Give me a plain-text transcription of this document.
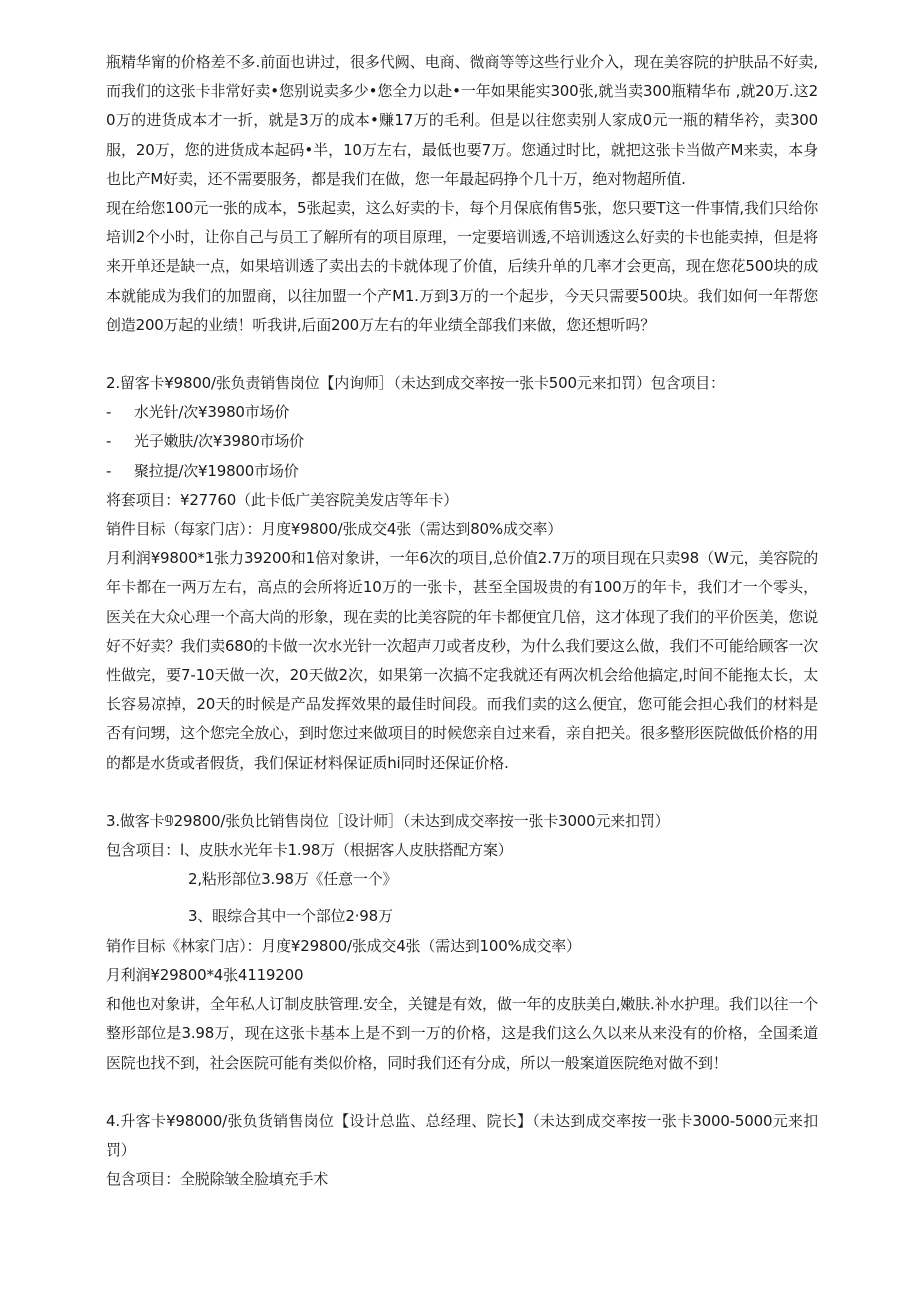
瓶精华甯的价格差不多.前面也讲过，很多代阙、电商、微商等等这些行业介入，现在美容院的护肤品不好卖,而我们的这张卡非常好卖•您别说卖多少•您全力以赴•一年如果能实300张,就当卖300瓶精华布 ,就20万.这20万的进货成本才一折，就是3万的成本•赚17万的毛利。但是以往您卖别人家成0元一瓶的精华衿，卖300服，20万，您的进货成本起码•半，10万左右，最低也要7万。您通过时比，就把这张卡当做产M来卖，本身也比产M好卖，还不需要服务，都是我们在做，您一年最起码挣个几十万，绝对物超所值.

现在给您100元一张的成本，5张起卖，这么好卖的卡，每个月保底侑售5张，您只要T这一件事情,我们只给你培训2个小时，让你自己与员工了解所有的项目原理，一定要培训透,不培训透这么好卖的卡也能卖掉，但是将来开单还是缺一点，如果培训透了卖出去的卡就体现了价值，后续升单的几率才会更高，现在您花500块的成本就能成为我们的加盟商，以往加盟一个产M1.万到3万的一个起步，今天只需要500块。我们如何一年帮您创造200万起的业绩！听我讲,后面200万左右的年业绩全部我们来做，您还想听吗？

2.留客卡¥9800/张负责销售岗位【内询师］（未达到成交率按一张卡500元来扣罚）包含项目：

- 水光针/次¥3980市场价

- 光子嫩肤/次¥3980市场价

- 聚拉提/次¥19800市场价

将套项目：¥27760（此卡低广美容院美发店等年卡）

销件目标（每家门店）：月度¥9800/张成交4张（需达到80%成交率）

月利润¥9800*1张力39200和1倍对象讲，一年6次的项目,总价值2.7万的项目现在只卖98（W元，美容院的年卡都在一两万左右，高点的会所将近10万的一张卡，甚至全国圾贵的有100万的年卡，我们才一个零头，医关在大众心理一个高大尚的形象，现在卖的比美容院的年卡都便宜几倍，这才体现了我们的平价医美，您说好不好卖？我们卖680的卡做一次水光针一次超声刀或者皮秒，为什么我们要这么做，我们不可能给顾客一次性做完，要7-10天做一次，20天做2次，如果第一次搞不定我就还有两次机会给他搞定,时间不能拖太长，太长容易凉掉，20天的时候是产品发挥效果的最佳时间段。而我们卖的这么便宜，您可能会担心我们的材料是否有问甥，这个您完全放心，到时您过来做项目的时候您亲自过来看，亲自把关。很多整形医院做低价格的用的都是水货或者假货，我们保证材料保证质hi同时还保证价格.

3.做客卡𝟡29800/张负比销售岗位［设计师］（未达到成交率按一张卡3000元来扣罚）

包含项目：l、皮肤水光年卡1.98万（根据客人皮肤搭配方案）

2,粘形部位3.98万《任意一个》

3、眼综合其中一个部位2·98万

销作目标《林家门店）：月度¥29800/张成交4张（需达到100%成交率）

月利润¥29800*4张4119200

和他也对象讲，全年私人订制皮肤管理.安全，关键是有效，做一年的皮肤美白,嫩肤.补水护理。我们以往一个整形部位是3.98万，现在这张卡基本上是不到一万的价格，这是我们这么久以来从来没有的价格，全国柔道医院也找不到，社会医院可能有类似价格，同时我们还有分成，所以一般案道医院绝对做不到！

4.升客卡¥98000/张负货销售岗位【设计总监、总经理、院长】（未达到成交率按一张卡3000-5000元来扣罚）

包含项目：全脱除皱全脸填充手术
